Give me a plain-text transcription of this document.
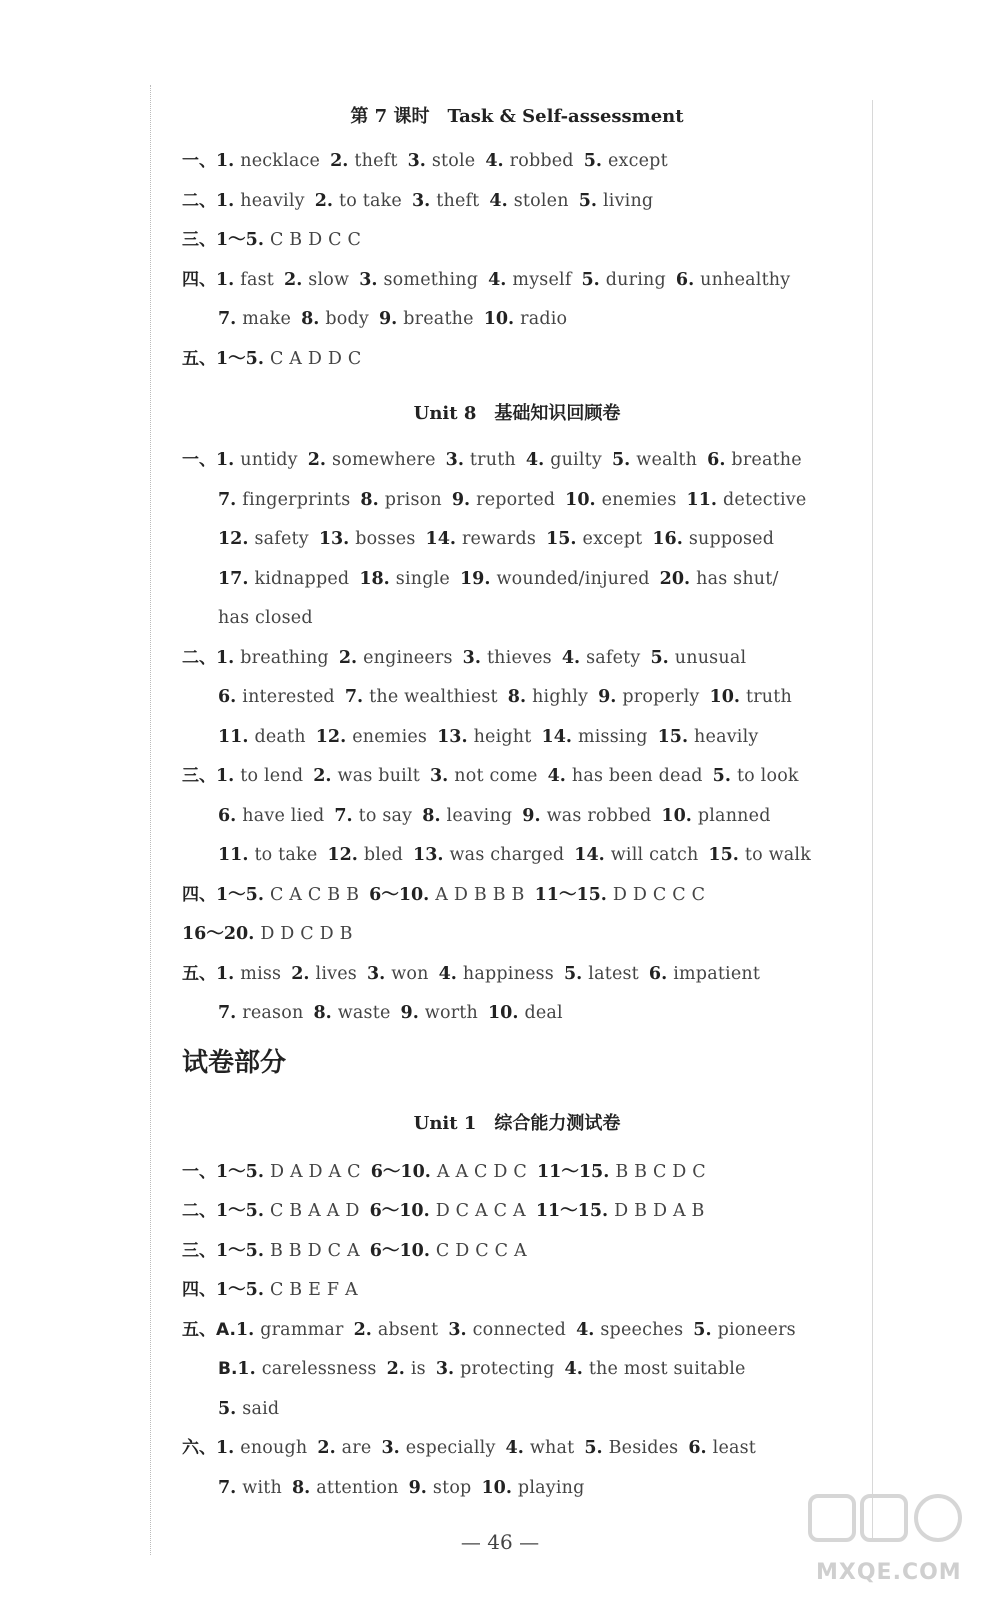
第 7 课时　Task & Self-assessment

一、1. necklace 2. theft 3. stole 4. robbed 5. except

二、1. heavily 2. to take 3. theft 4. stolen 5. living

三、1～5. C B D C C

四、1. fast 2. slow 3. something 4. myself 5. during 6. unhealthy

7. make 8. body 9. breathe 10. radio

五、1～5. C A D D C

Unit 8　基础知识回顾卷

一、1. untidy 2. somewhere 3. truth 4. guilty 5. wealth 6. breathe

7. fingerprints 8. prison 9. reported 10. enemies 11. detective

12. safety 13. bosses 14. rewards 15. except 16. supposed

17. kidnapped 18. single 19. wounded/injured 20. has shut/

has closed

二、1. breathing 2. engineers 3. thieves 4. safety 5. unusual

6. interested 7. the wealthiest 8. highly 9. properly 10. truth

11. death 12. enemies 13. height 14. missing 15. heavily

三、1. to lend 2. was built 3. not come 4. has been dead 5. to look

6. have lied 7. to say 8. leaving 9. was robbed 10. planned

11. to take 12. bled 13. was charged 14. will catch 15. to walk

四、1～5. C A C B B 6～10. A D B B B 11～15. D D C C C

16～20. D D C D B

五、1. miss 2. lives 3. won 4. happiness 5. latest 6. impatient

7. reason 8. waste 9. worth 10. deal

试卷部分

Unit 1　综合能力测试卷

一、1～5. D A D A C 6～10. A A C D C 11～15. B B C D C

二、1～5. C B A A D 6～10. D C A C A 11～15. D B D A B

三、1～5. B B D C A 6～10. C D C C A

四、1～5. C B E F A

五、A.1. grammar 2. absent 3. connected 4. speeches 5. pioneers

B.1. carelessness 2. is 3. protecting 4. the most suitable

5. said

六、1. enough 2. are 3. especially 4. what 5. Besides 6. least

7. with 8. attention 9. stop 10. playing

— 46 —
MXQE.COM
